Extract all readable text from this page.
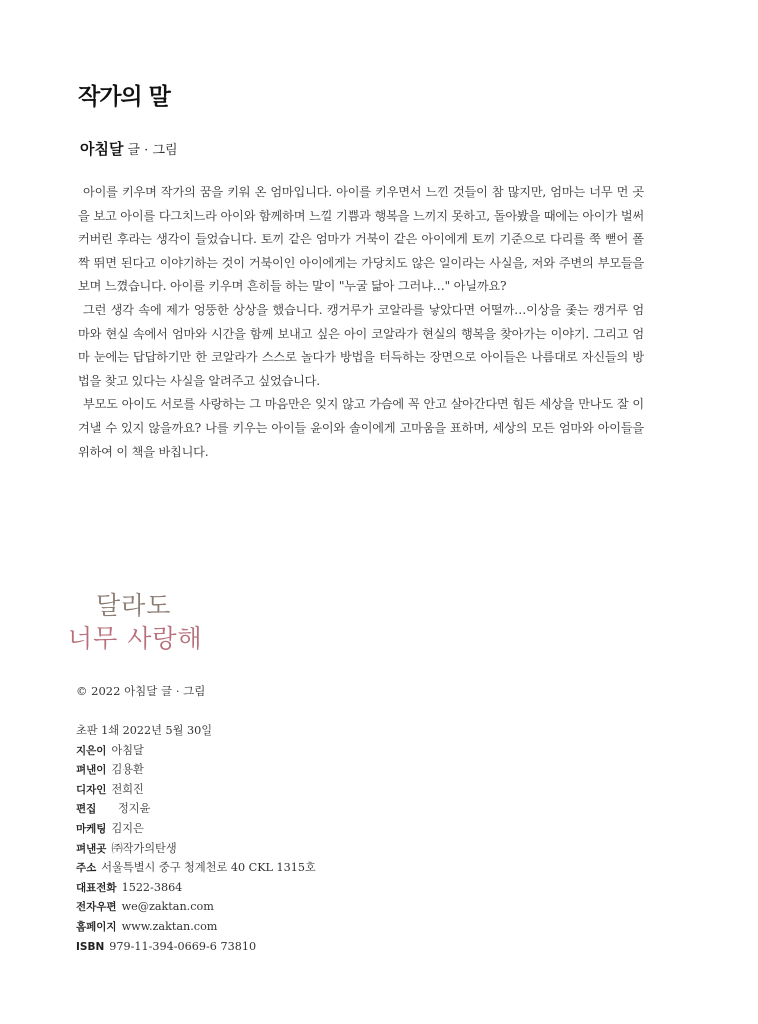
작가의 말
아침달 글 · 그림

아이를 키우며 작가의 꿈을 키워 온 엄마입니다. 아이를 키우면서 느낀 것들이 참 많지만, 엄마는 너무 먼 곳을 보고 아이를 다그치느라 아이와 함께하며 느낄 기쁨과 행복을 느끼지 못하고, 돌아봤을 때에는 아이가 벌써 커버린 후라는 생각이 들었습니다. 토끼 같은 엄마가 거북이 같은 아이에게 토끼 기준으로 다리를 쭉 뻗어 폴짝 뛰면 된다고 이야기하는 것이 거북이인 아이에게는 가당치도 않은 일이라는 사실을, 저와 주변의 부모들을 보며 느꼈습니다. 아이를 키우며 흔히들 하는 말이 "누굴 닮아 그러냐…" 아닐까요?

그런 생각 속에 제가 엉뚱한 상상을 했습니다. 캥거루가 코알라를 낳았다면 어떨까…이상을 좇는 캥거루 엄마와 현실 속에서 엄마와 시간을 함께 보내고 싶은 아이 코알라가 현실의 행복을 찾아가는 이야기. 그리고 엄마 눈에는 답답하기만 한 코알라가 스스로 놀다가 방법을 터득하는 장면으로 아이들은 나름대로 자신들의 방법을 찾고 있다는 사실을 알려주고 싶었습니다.

부모도 아이도 서로를 사랑하는 그 마음만은 잊지 않고 가슴에 꼭 안고 살아간다면 힘든 세상을 만나도 잘 이겨낼 수 있지 않을까요? 나를 키우는 아이들 윤이와 솔이에게 고마움을 표하며, 세상의 모든 엄마와 아이들을 위하여 이 책을 바칩니다.

달라도
너무 사랑해
© 2022 아침달 글 · 그림
초판 1쇄 2022년 5월 30일
지은이 아침달
펴낸이 김용환
디자인 전희진
편집 정지윤
마케팅 김지은
펴낸곳 ㈜작가의탄생
주소 서울특별시 중구 청계천로 40 CKL 1315호
대표전화 1522-3864
전자우편 we@zaktan.com
홈페이지 www.zaktan.com
ISBN 979-11-394-0669-6 73810
